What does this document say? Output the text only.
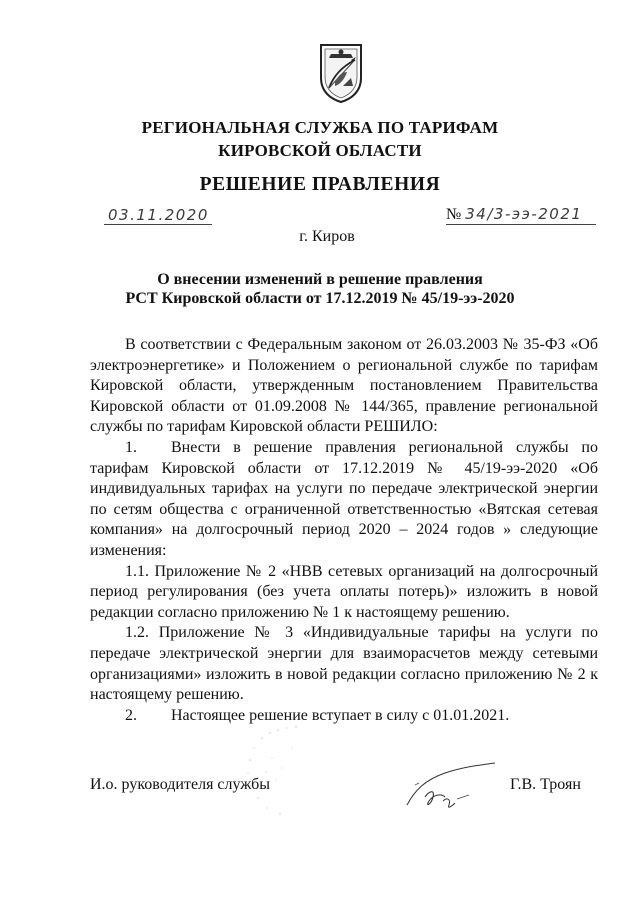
РЕГИОНАЛЬНАЯ СЛУЖБА ПО ТАРИФАМ
КИРОВСКОЙ ОБЛАСТИ
РЕШЕНИЕ ПРАВЛЕНИЯ
03.11.2020	№ 34/3-ээ-2021
г. Киров
О внесении изменений в решение правления
РСТ Кировской области от 17.12.2019 № 45/19-ээ-2020

В соответствии с Федеральным законом от 26.03.2003 № 35-ФЗ «Об электроэнергетике» и Положением о региональной службе по тарифам Кировской области, утвержденным постановлением Правительства Кировской области от 01.09.2008 № 144/365, правление региональной службы по тарифам Кировской области РЕШИЛО:

1. Внести в решение правления региональной службы по тарифам Кировской области от 17.12.2019 № 45/19-ээ-2020 «Об индивидуальных тарифах на услуги по передаче электрической энергии по сетям общества с ограниченной ответственностью «Вятская сетевая компания» на долгосрочный период 2020 – 2024 годов » следующие изменения:

1.1. Приложение № 2 «НВВ сетевых организаций на долгосрочный период регулирования (без учета оплаты потерь)» изложить в новой редакции согласно приложению № 1 к настоящему решению.

1.2. Приложение № 3 «Индивидуальные тарифы на услуги по передаче электрической энергии для взаиморасчетов между сетевыми организациями» изложить в новой редакции согласно приложению № 2 к настоящему решению.

2. Настоящее решение вступает в силу с 01.01.2021.

И.о. руководителя службы	Г.В. Троян
